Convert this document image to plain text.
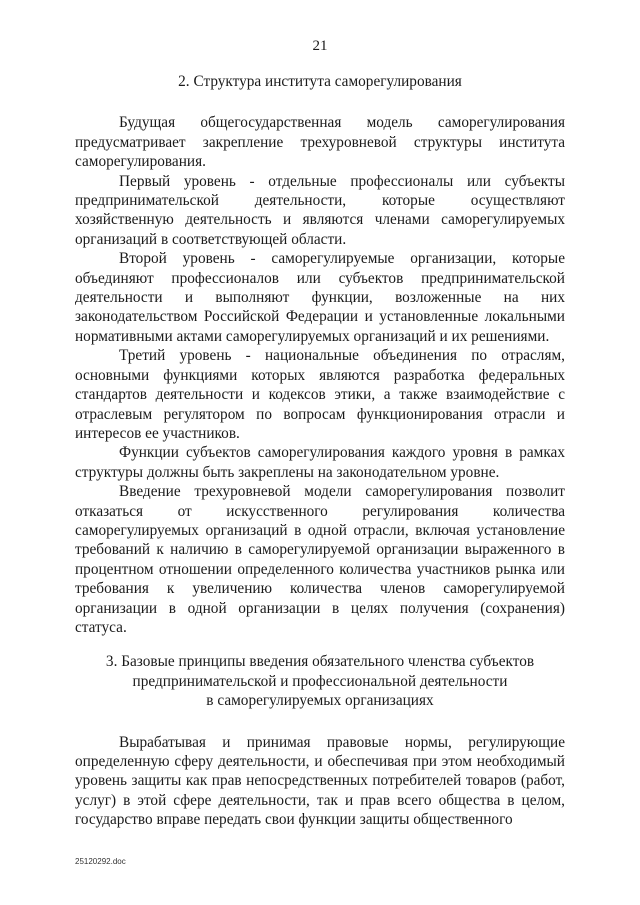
21
2. Структура института саморегулирования

Будущая общегосударственная модель саморегулирования предусматривает закрепление трехуровневой структуры института саморегулирования.

Первый уровень - отдельные профессионалы или субъекты предпринимательской деятельности, которые осуществляют хозяйственную деятельность и являются членами саморегулируемых организаций в соответствующей области.

Второй уровень - саморегулируемые организации, которые объединяют профессионалов или субъектов предпринимательской деятельности и выполняют функции, возложенные на них законодательством Российской Федерации и установленные локальными нормативными актами саморегулируемых организаций и их решениями.

Третий уровень - национальные объединения по отраслям, основными функциями которых являются разработка федеральных стандартов деятельности и кодексов этики, а также взаимодействие с отраслевым регулятором по вопросам функционирования отрасли и интересов ее участников.

Функции субъектов саморегулирования каждого уровня в рамках структуры должны быть закреплены на законодательном уровне.

Введение трехуровневой модели саморегулирования позволит отказаться от искусственного регулирования количества саморегулируемых организаций в одной отрасли, включая установление требований к наличию в саморегулируемой организации выраженного в процентном отношении определенного количества участников рынка или требования к увеличению количества членов саморегулируемой организации в одной организации в целях получения (сохранения) статуса.

3. Базовые принципы введения обязательного членства субъектов
предпринимательской и профессиональной деятельности
в саморегулируемых организациях

Вырабатывая и принимая правовые нормы, регулирующие определенную сферу деятельности, и обеспечивая при этом необходимый уровень защиты как прав непосредственных потребителей товаров (работ, услуг) в этой сфере деятельности, так и прав всего общества в целом, государство вправе передать свои функции защиты общественного

25120292.doc
